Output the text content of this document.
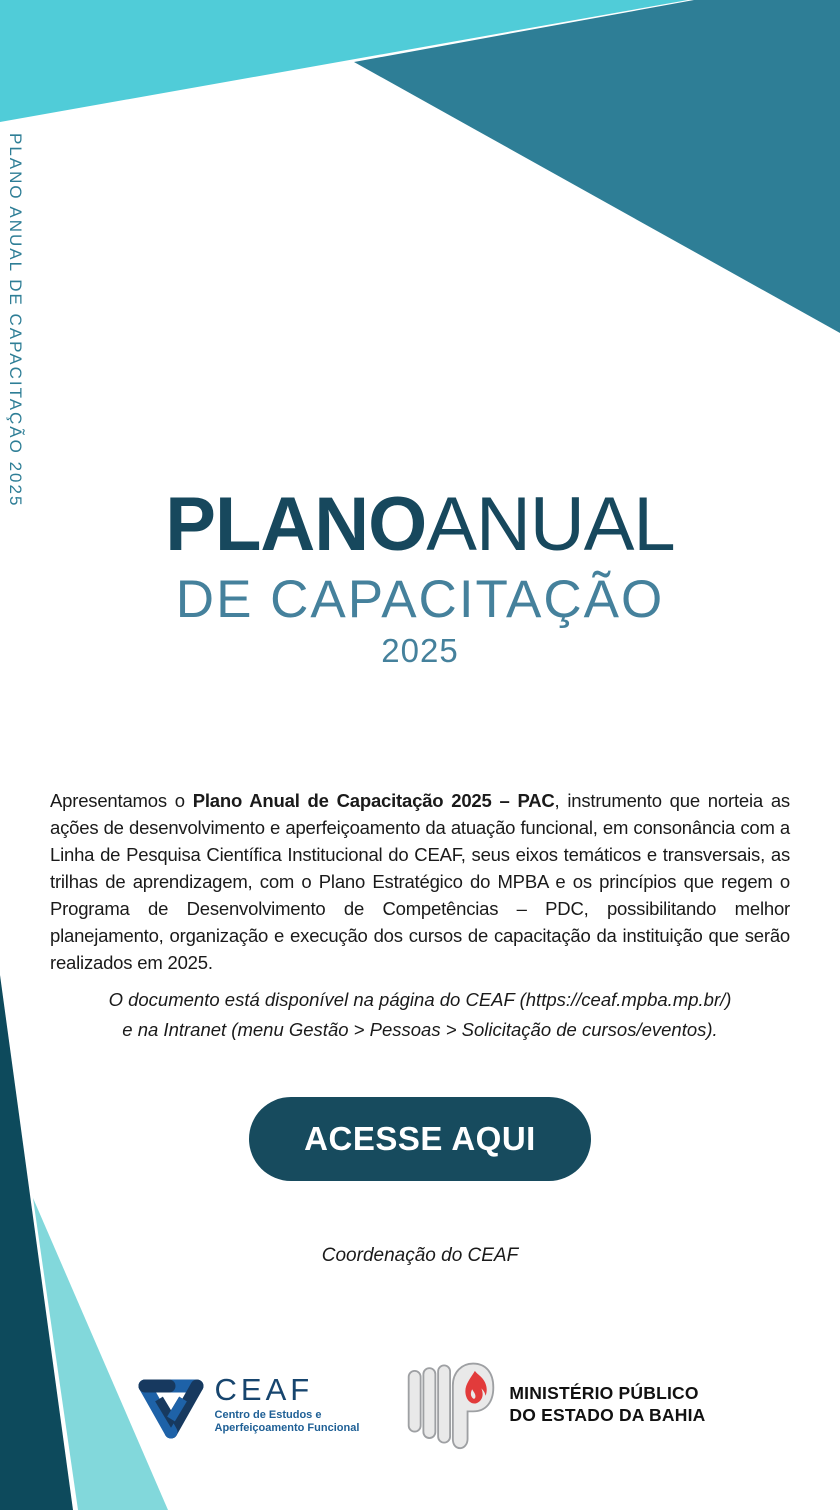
PLANO ANUAL DE CAPACITAÇÃO 2025
PLANOANUAL
DE CAPACITAÇÃO
2025

Apresentamos o Plano Anual de Capacitação 2025 – PAC, instrumento que norteia as ações de desenvolvimento e aperfeiçoamento da atuação funcional, em consonância com a Linha de Pesquisa Científica Institucional do CEAF, seus eixos temáticos e transversais, as trilhas de aprendizagem, com o Plano Estratégico do MPBA e os princípios que regem o Programa de Desenvolvimento de Competências – PDC, possibilitando melhor planejamento, organização e execução dos cursos de capacitação da instituição que serão realizados em 2025.

O documento está disponível na página do CEAF (https://ceaf.mpba.mp.br/)
e na Intranet (menu Gestão > Pessoas > Solicitação de cursos/eventos).
ACESSE AQUI
Coordenação do CEAF
CEAF
Centro de Estudos e
Aperfeiçoamento Funcional
MINISTÉRIO PÚBLICO
DO ESTADO DA BAHIA
